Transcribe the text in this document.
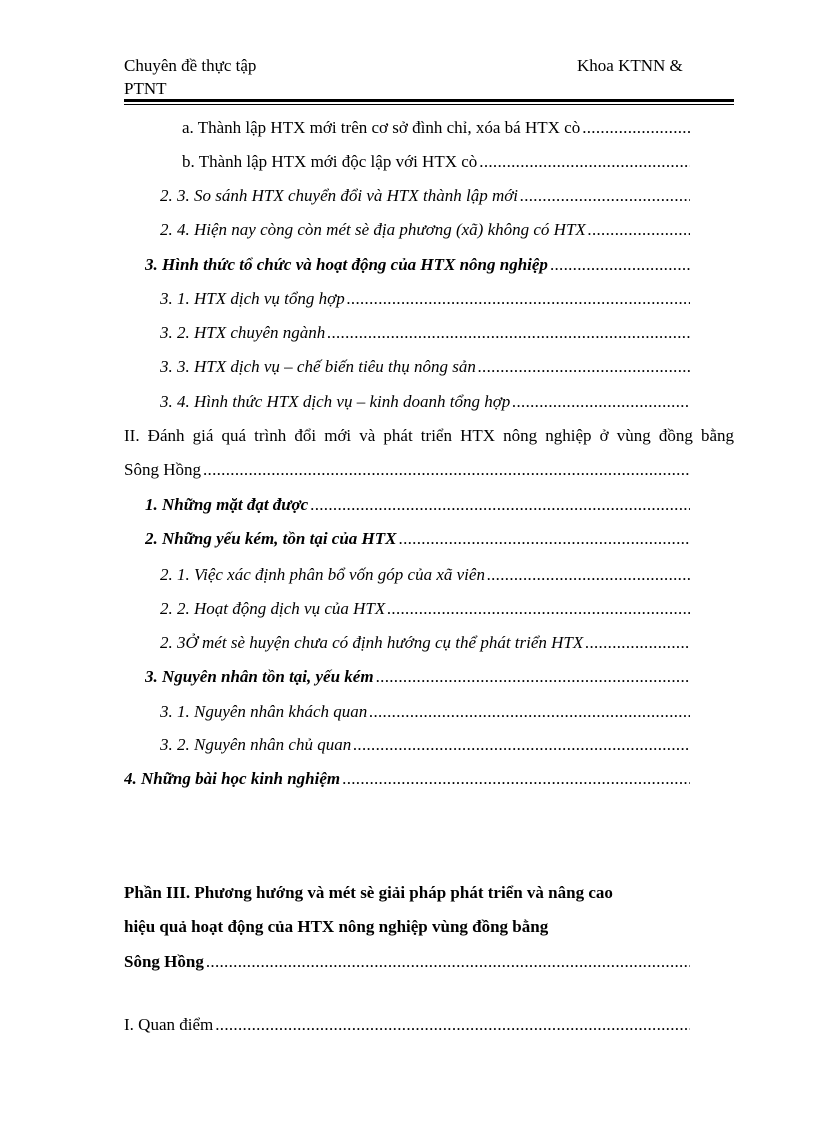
Chuyên đề thực tập	Khoa KTNN &
PTNT
a. Thành lập HTX mới trên cơ sở đình chỉ, xóa bá HTX cò
.....
b. Thành lập HTX mới độc lập với HTX cò
.....
2. 3. So sánh HTX chuyển đổi và HTX thành lập mới
.....
2. 4. Hiện nay còng còn mét sè địa phương (xã) không có HTX
.....
3. Hình thức tổ chức và hoạt động của HTX nông nghiệp
.....
3. 1. HTX dịch vụ tổng hợp
.....
3. 2. HTX chuyên ngành
.....
3. 3. HTX dịch vụ – chế biến tiêu thụ nông sản
.....
3. 4. Hình thức HTX dịch vụ – kinh doanh tổng hợp
.....
II. Đánh giá quá trình đổi mới và phát triển HTX nông nghiệp ở vùng đồng bằng
Sông Hồng
.....
1. Những mặt đạt được
.....
2. Những yếu kém, tồn tại của HTX
.....
2. 1. Việc xác định phân bổ vốn góp của xã viên
.....
2. 2. Hoạt động dịch vụ của HTX
.....
2. 3Ở mét sè huyện chưa có định hướng cụ thể phát triển HTX
.....
3. Nguyên nhân tồn tại, yếu kém
.....
3. 1. Nguyên nhân khách quan
.....
3. 2. Nguyên nhân chủ quan
.....
4. Những bài học kinh nghiệm
.....
Phần III. Phương hướng và mét sè giải pháp phát triển và nâng cao
hiệu quả hoạt động của HTX nông nghiệp vùng đồng bằng
Sông Hồng
.....
I. Quan điểm
.....
